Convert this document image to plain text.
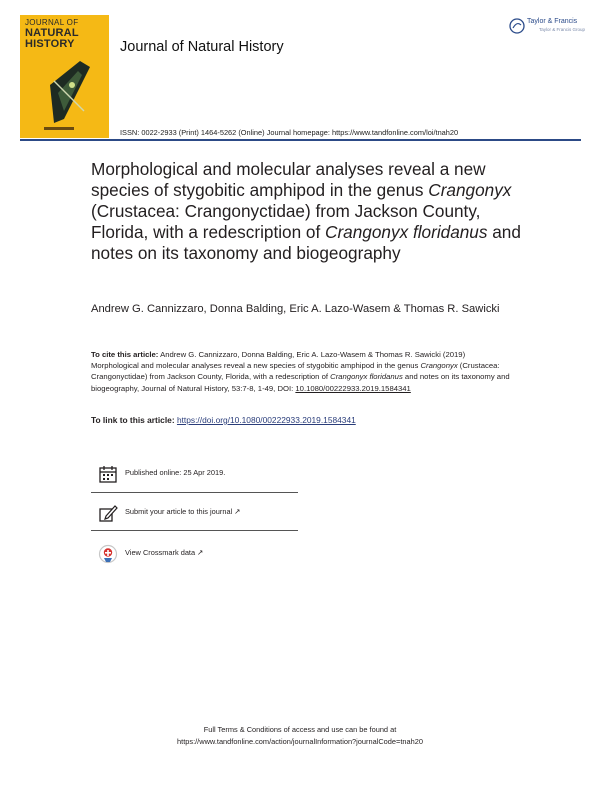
JOURNAL OF
NATURAL
HISTORY	Journal of Natural History
Taylor & Francis
Taylor & Francis Group
ISSN: 0022-2933 (Print) 1464-5262 (Online) Journal homepage: https://www.tandfonline.com/loi/tnah20
Morphological and molecular analyses reveal a new species of stygobitic amphipod in the genus Crangonyx (Crustacea: Crangonyctidae) from Jackson County, Florida, with a redescription of Crangonyx floridanus and notes on its taxonomy and biogeography
Andrew G. Cannizzaro, Donna Balding, Eric A. Lazo-Wasem & Thomas R. Sawicki
To cite this article: Andrew G. Cannizzaro, Donna Balding, Eric A. Lazo-Wasem & Thomas R. Sawicki (2019) Morphological and molecular analyses reveal a new species of stygobitic amphipod in the genus Crangonyx (Crustacea: Crangonyctidae) from Jackson County, Florida, with a redescription of Crangonyx floridanus and notes on its taxonomy and biogeography, Journal of Natural History, 53:7-8, 1-49, DOI: 10.1080/00222933.2019.1584341
To link to this article: https://doi.org/10.1080/00222933.2019.1584341
Published online: 25 Apr 2019.
Submit your article to this journal ↗
View Crossmark data ↗
Full Terms & Conditions of access and use can be found at
https://www.tandfonline.com/action/journalInformation?journalCode=tnah20
